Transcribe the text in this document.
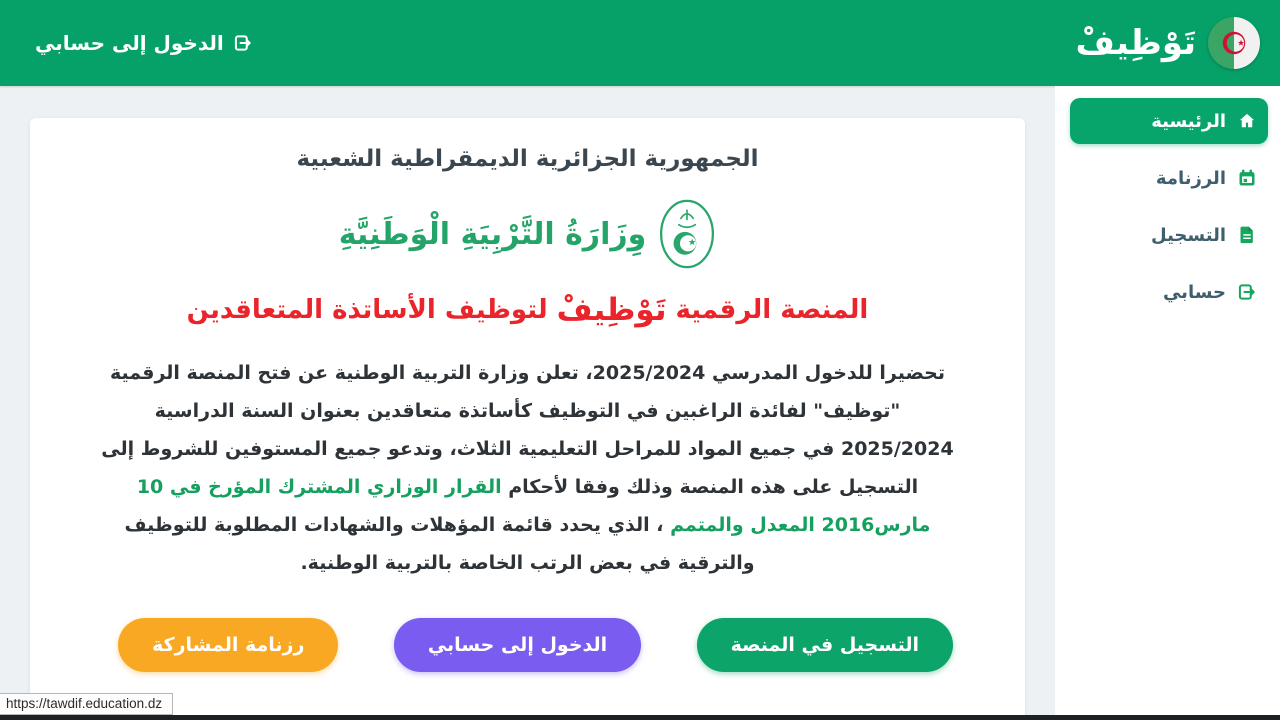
الدخول إلى حسابي	تَوْظِيفْ
الرئيسية
الرزنامة
التسجيل
حسابي
الجمهورية الجزائرية الديمقراطية الشعبية
وِزَارَةُ التَّرْبِيَةِ الْوَطَنِيَّةِ
المنصة الرقمية
تَوْظِيفْ
لتوظيف الأساتذة المتعاقدين

تحضيرا للدخول المدرسي 2025/2024، تعلن وزارة التربية الوطنية عن فتح المنصة الرقمية "توظيف" لفائدة الراغبين في التوظيف كأساتذة متعاقدين بعنوان السنة الدراسية 2025/2024 في جميع المواد للمراحل التعليمية الثلاث، وتدعو جميع المستوفين للشروط إلى التسجيل على هذه المنصة وذلك وفقا لأحكام القرار الوزاري المشترك المؤرخ في 10 مارس2016 المعدل والمتمم ، الذي يحدد قائمة المؤهلات والشهادات المطلوبة للتوظيف والترقية في بعض الرتب الخاصة بالتربية الوطنية.

التسجيل في المنصة
الدخول إلى حسابي
رزنامة المشاركة
https://tawdif.education.dz
